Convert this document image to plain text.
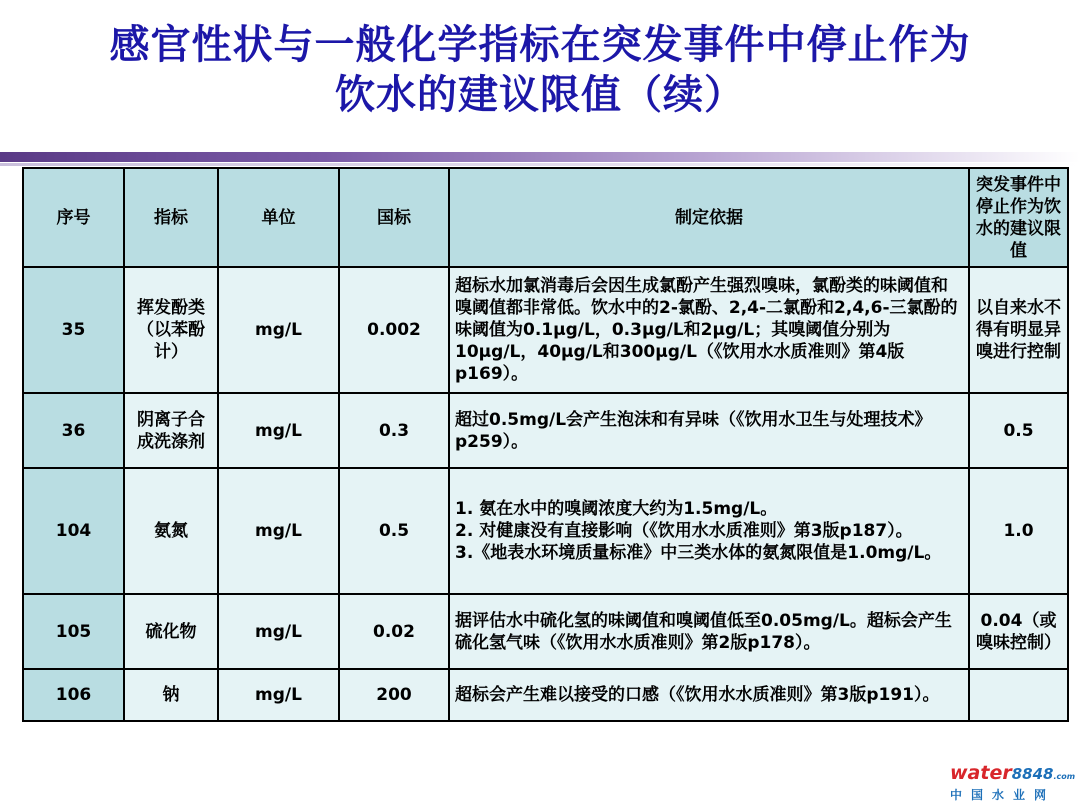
感官性状与一般化学指标在突发事件中停止作为
饮水的建议限值（续）
序号	指标	单位	国标	制定依据	突发事件中停止作为饮水的建议限值
35	挥发酚类（以苯酚计）	mg/L	0.002	超标水加氯消毒后会因生成氯酚产生强烈嗅味，氯酚类的味阈值和嗅阈值都非常低。饮水中的2-氯酚、2,4-二氯酚和2,4,6-三氯酚的味阈值为0.1μg/L，0.3μg/L和2μg/L；其嗅阈值分别为10μg/L，40μg/L和300μg/L（《饮用水水质准则》第4版p169）。	以自来水不得有明显异嗅进行控制
36	阴离子合成洗涤剂	mg/L	0.3	超过0.5mg/L会产生泡沫和有异味（《饮用水卫生与处理技术》p259）。	0.5
104	氨氮	mg/L	0.5	1. 氨在水中的嗅阈浓度大约为1.5mg/L。
2. 对健康没有直接影响（《饮用水水质准则》第3版p187）。
3.《地表水环境质量标准》中三类水体的氨氮限值是1.0mg/L。	1.0
105	硫化物	mg/L	0.02	据评估水中硫化氢的味阈值和嗅阈值低至0.05mg/L。超标会产生硫化氢气味（《饮用水水质准则》第2版p178）。	0.04（或嗅味控制）
106	钠	mg/L	200	超标会产生难以接受的口感（《饮用水水质准则》第3版p191）。	
water8848.com
中国水业网
